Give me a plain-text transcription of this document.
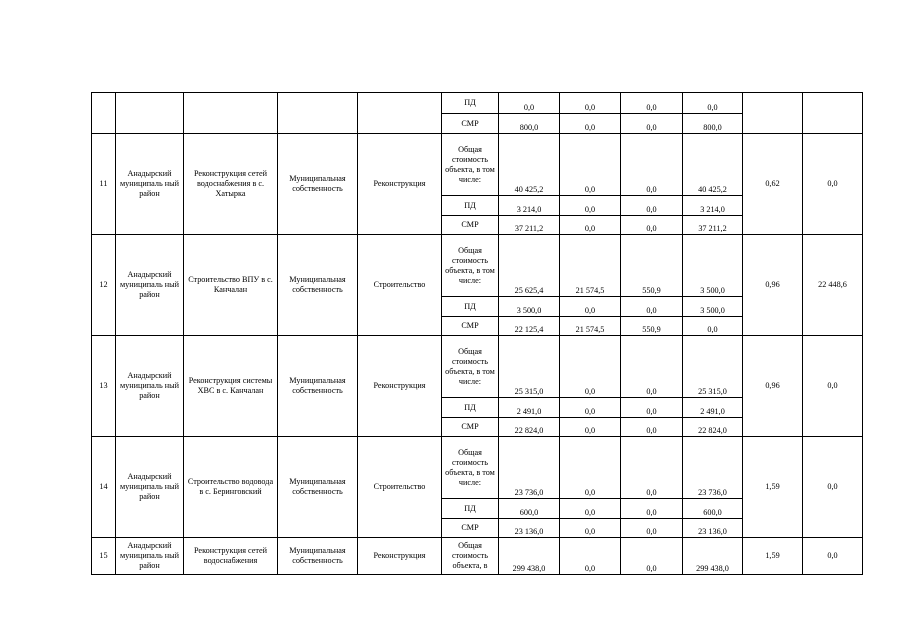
					ПД	0,0	0,0	0,0	0,0		
					СМР	800,0	0,0	0,0	800,0		
11	Анадырский муниципаль ный район	Реконструкция сетей водоснабжения в с. Хатырка	Муниципальная собственность	Реконструкция	Общая стоимость объекта, в том числе:	40 425,2	0,0	0,0	40 425,2	0,62	0,0
					ПД	3 214,0	0,0	0,0	3 214,0		
					СМР	37 211,2	0,0	0,0	37 211,2		
12	Анадырский муниципаль ный район	Строительство ВПУ в с. Канчалан	Муниципальная собственность	Строительство	Общая стоимость объекта, в том числе:	25 625,4	21 574,5	550,9	3 500,0	0,96	22 448,6
					ПД	3 500,0	0,0	0,0	3 500,0		
					СМР	22 125,4	21 574,5	550,9	0,0		
13	Анадырский муниципаль ный район	Реконструкция системы ХВС в с. Канчалан	Муниципальная собственность	Реконструкция	Общая стоимость объекта, в том числе:	25 315,0	0,0	0,0	25 315,0	0,96	0,0
					ПД	2 491,0	0,0	0,0	2 491,0		
					СМР	22 824,0	0,0	0,0	22 824,0		
14	Анадырский муниципаль ный район	Строительство водовода в с. Беринговский	Муниципальная собственность	Строительство	Общая стоимость объекта, в том числе:	23 736,0	0,0	0,0	23 736,0	1,59	0,0
					ПД	600,0	0,0	0,0	600,0		
					СМР	23 136,0	0,0	0,0	23 136,0		
15	Анадырский муниципаль ный район	Реконструкция сетей водоснабжения	Муниципальная собственность	Реконструкция	Общая стоимость объекта, в	299 438,0	0,0	0,0	299 438,0	1,59	0,0
